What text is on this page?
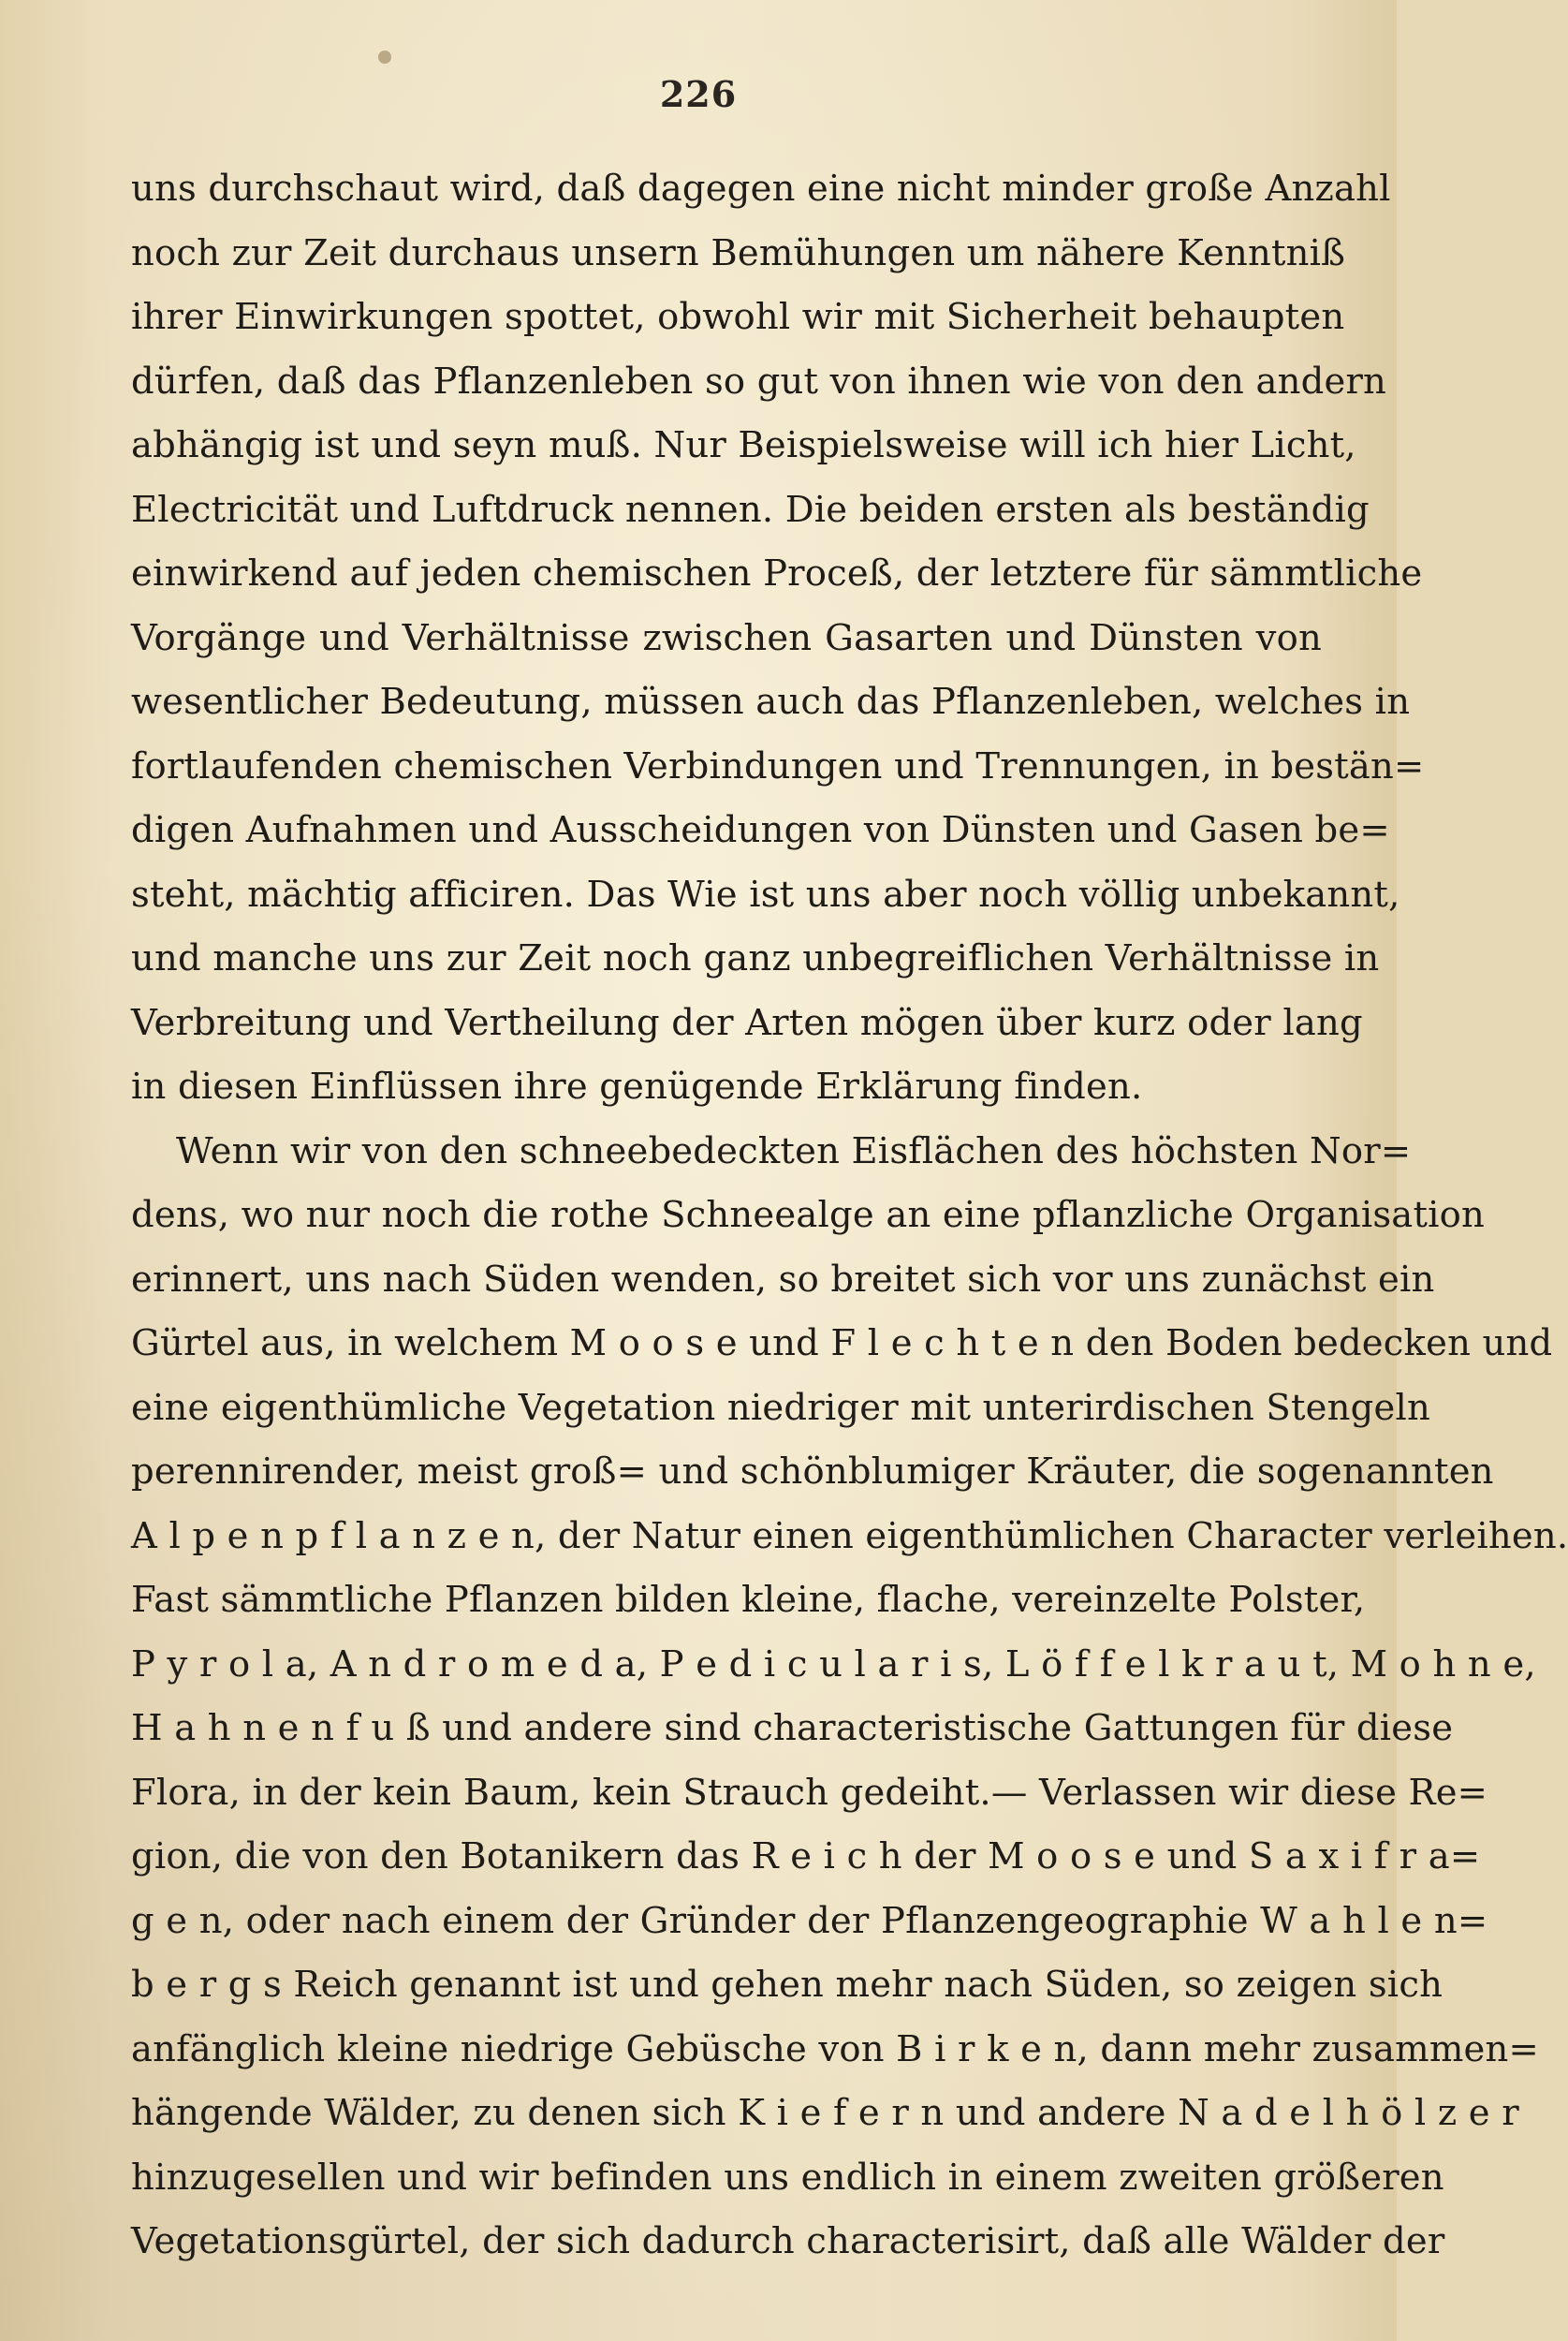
226
uns durchschaut wird, daß dagegen eine nicht minder große Anzahl
noch zur Zeit durchaus unsern Bemühungen um nähere Kenntniß
ihrer Einwirkungen spottet, obwohl wir mit Sicherheit behaupten
dürfen, daß das Pflanzenleben so gut von ihnen wie von den andern
abhängig ist und seyn muß. Nur Beispielsweise will ich hier Licht,
Electricität und Luftdruck nennen. Die beiden ersten als beständig
einwirkend auf jeden chemischen Proceß, der letztere für sämmtliche
Vorgänge und Verhältnisse zwischen Gasarten und Dünsten von
wesentlicher Bedeutung, müssen auch das Pflanzenleben, welches in
fortlaufenden chemischen Verbindungen und Trennungen, in bestän=
digen Aufnahmen und Ausscheidungen von Dünsten und Gasen be=
steht, mächtig afficiren. Das Wie ist uns aber noch völlig unbekannt,
und manche uns zur Zeit noch ganz unbegreiflichen Verhältnisse in
Verbreitung und Vertheilung der Arten mögen über kurz oder lang
in diesen Einflüssen ihre genügende Erklärung finden.
Wenn wir von den schneebedeckten Eisflächen des höchsten Nor=
dens, wo nur noch die rothe Schneealge an eine pflanzliche Organisation
erinnert, uns nach Süden wenden, so breitet sich vor uns zunächst ein
Gürtel aus, in welchem M o o s e und F l e c h t e n den Boden bedecken und
eine eigenthümliche Vegetation niedriger mit unterirdischen Stengeln
perennirender, meist groß= und schönblumiger Kräuter, die sogenannten
A l p e n p f l a n z e n, der Natur einen eigenthümlichen Character verleihen.
Fast sämmtliche Pflanzen bilden kleine, flache, vereinzelte Polster,
P y r o l a, A n d r o m e d a, P e d i c u l a r i s, L ö f f e l k r a u t, M o h n e,
H a h n e n f u ß und andere sind characteristische Gattungen für diese
Flora, in der kein Baum, kein Strauch gedeiht.— Verlassen wir diese Re=
gion, die von den Botanikern das R e i c h der M o o s e und S a x i f r a=
g e n, oder nach einem der Gründer der Pflanzengeographie W a h l e n=
b e r g s Reich genannt ist und gehen mehr nach Süden, so zeigen sich
anfänglich kleine niedrige Gebüsche von B i r k e n, dann mehr zusammen=
hängende Wälder, zu denen sich K i e f e r n und andere N a d e l h ö l z e r
hinzugesellen und wir befinden uns endlich in einem zweiten größeren
Vegetationsgürtel, der sich dadurch characterisirt, daß alle Wälder der
